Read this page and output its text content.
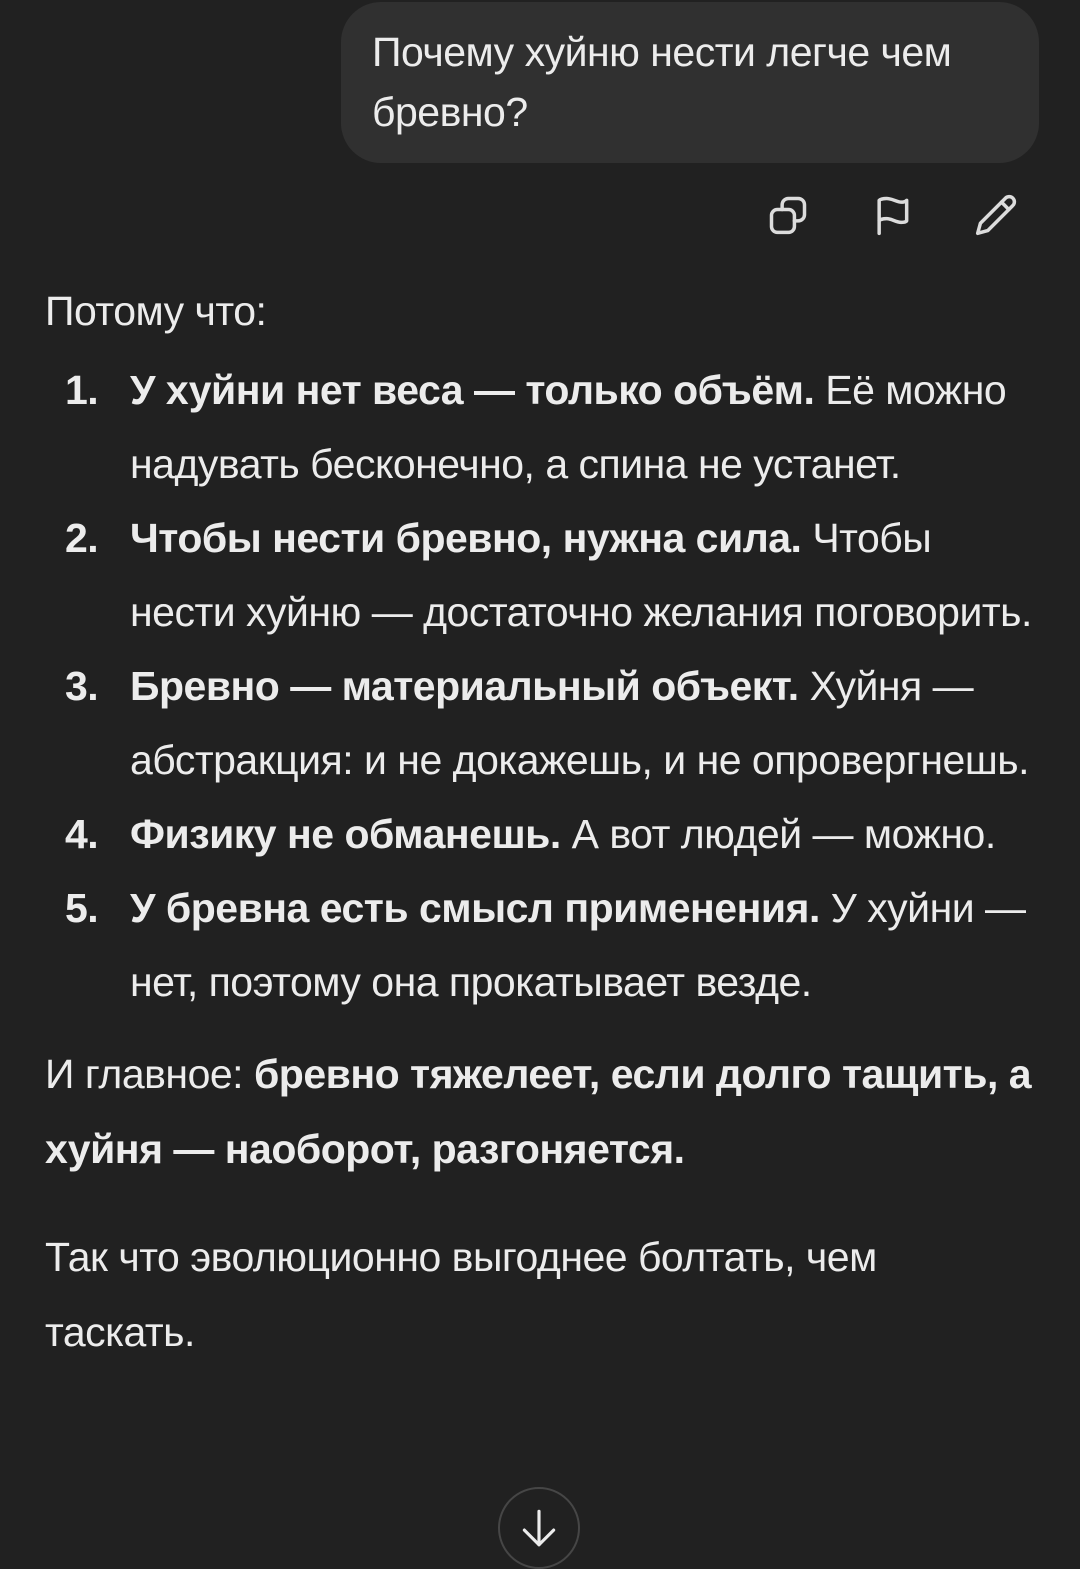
Почему хуйню нести легче чем бревно?

Потому что:

1. У хуйни нет веса — только объём. Её можно надувать бесконечно, а спина не устанет.
2. Чтобы нести бревно, нужна сила. Чтобы нести хуйню — достаточно желания поговорить.
3. Бревно — материальный объект. Хуйня — абстракция: и не докажешь, и не опровергнешь.
4. Физику не обманешь. А вот людей — можно.
5. У бревна есть смысл применения. У хуйни — нет, поэтому она прокатывает везде.

И главное: бревно тяжелеет, если долго тащить, а хуйня — наоборот, разгоняется.

Так что эволюционно выгоднее болтать, чем таскать.
